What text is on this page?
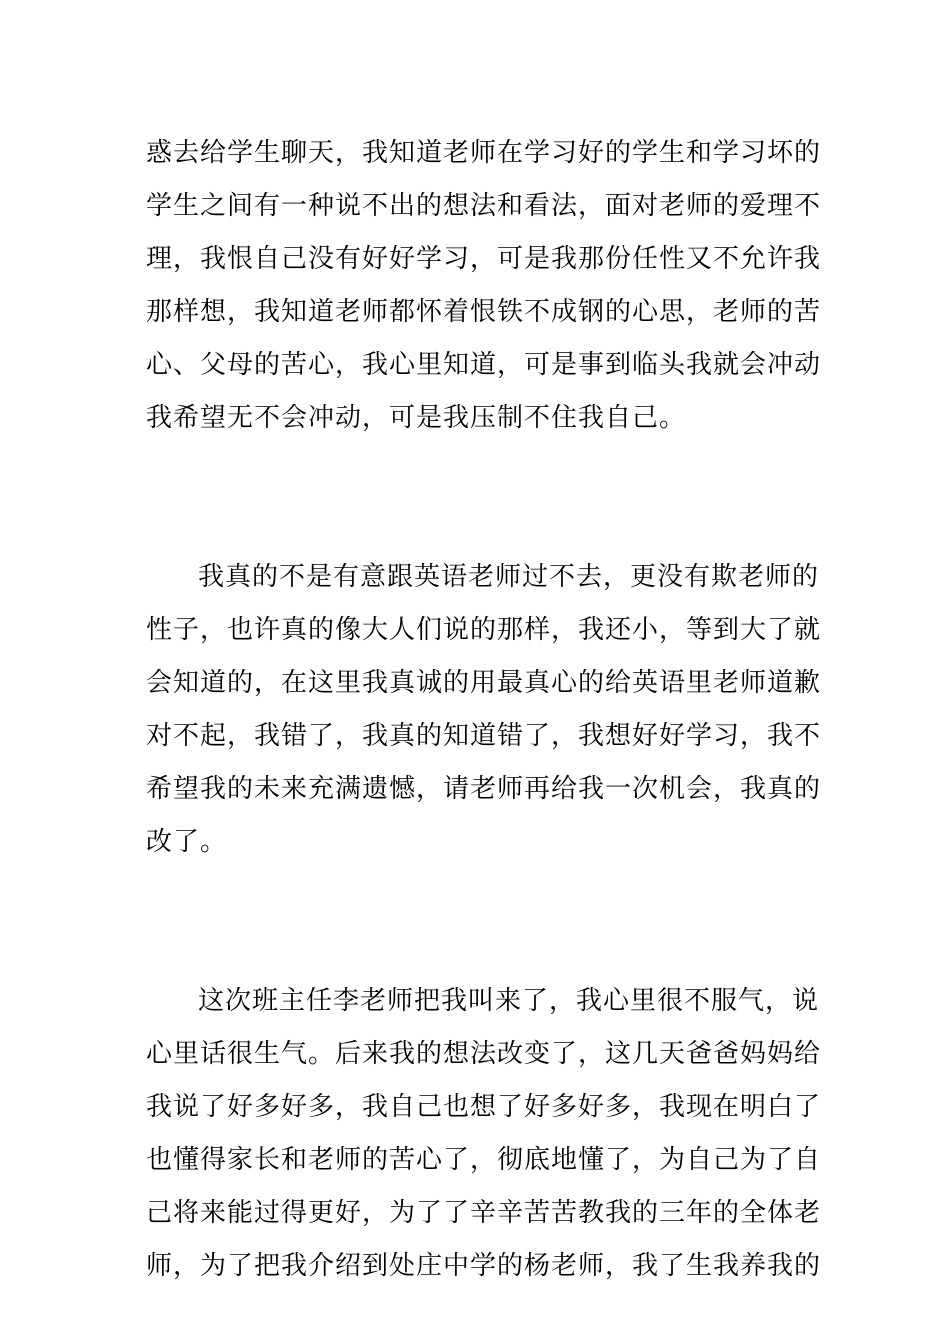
惑去给学生聊天，我知道老师在学习好的学生和学习坏的
学生之间有一种说不出的想法和看法，面对老师的爱理不
理，我恨自己没有好好学习，可是我那份任性又不允许我
那样想，我知道老师都怀着恨铁不成钢的心思，老师的苦
心、父母的苦心，我心里知道，可是事到临头我就会冲动
我希望无不会冲动，可是我压制不住我自己。
我真的不是有意跟英语老师过不去，更没有欺老师的
性子，也许真的像大人们说的那样，我还小，等到大了就
会知道的，在这里我真诚的用最真心的给英语里老师道歉
对不起，我错了，我真的知道错了，我想好好学习，我不
希望我的未来充满遗憾，请老师再给我一次机会，我真的
改了。
这次班主任李老师把我叫来了，我心里很不服气，说
心里话很生气。后来我的想法改变了，这几天爸爸妈妈给
我说了好多好多，我自己也想了好多好多，我现在明白了
也懂得家长和老师的苦心了，彻底地懂了，为自己为了自
己将来能过得更好，为了了辛辛苦苦教我的三年的全体老
师，为了把我介绍到处庄中学的杨老师，我了生我养我的
